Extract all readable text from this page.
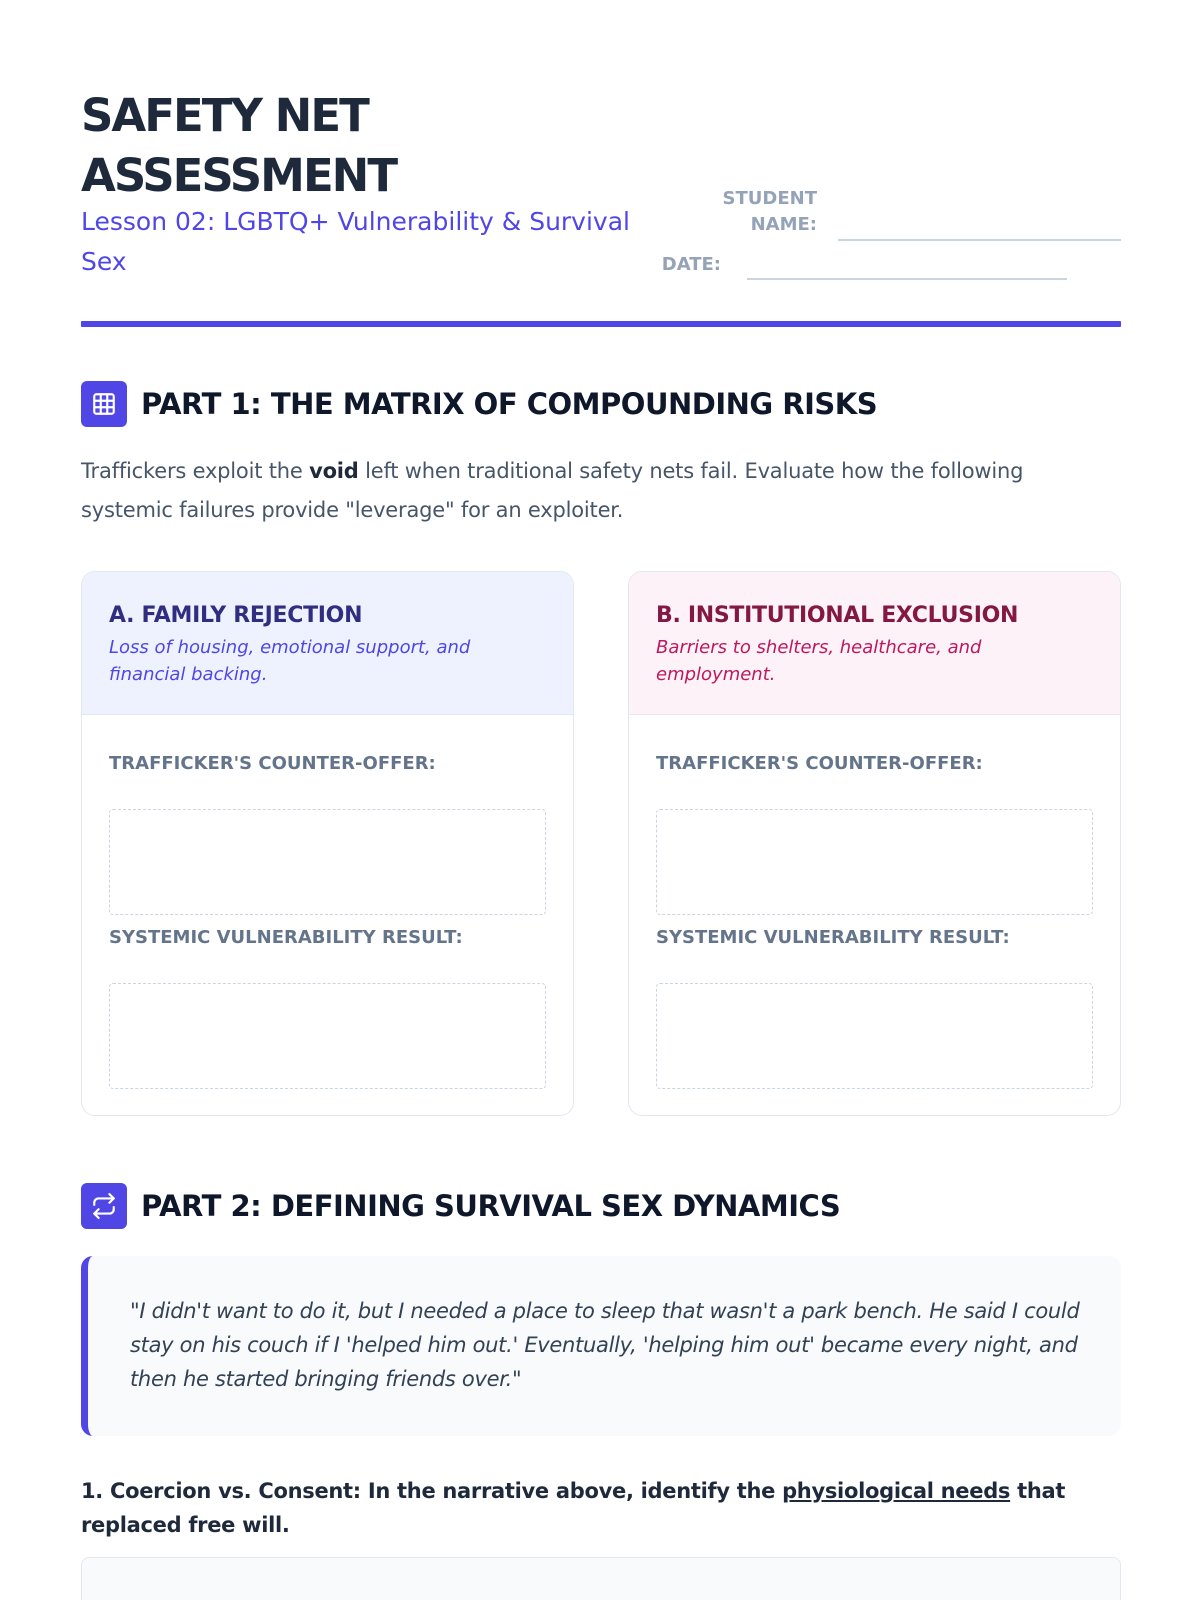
SAFETY NET
ASSESSMENT
Lesson 02: LGBTQ+ Vulnerability & Survival Sex
STUDENT
NAME:
DATE:
PART 1: THE MATRIX OF COMPOUNDING RISKS

Traffickers exploit the void left when traditional safety nets fail. Evaluate how the following systemic failures provide "leverage" for an exploiter.

A. FAMILY REJECTION
Loss of housing, emotional support, and financial backing.
TRAFFICKER'S COUNTER-OFFER:
SYSTEMIC VULNERABILITY RESULT:
B. INSTITUTIONAL EXCLUSION
Barriers to shelters, healthcare, and employment.
TRAFFICKER'S COUNTER-OFFER:
SYSTEMIC VULNERABILITY RESULT:
PART 2: DEFINING SURVIVAL SEX DYNAMICS
"I didn't want to do it, but I needed a place to sleep that wasn't a park bench. He said I could stay on his couch if I 'helped him out.' Eventually, 'helping him out' became every night, and then he started bringing friends over."

1. Coercion vs. Consent: In the narrative above, identify the physiological needs that replaced free will.
